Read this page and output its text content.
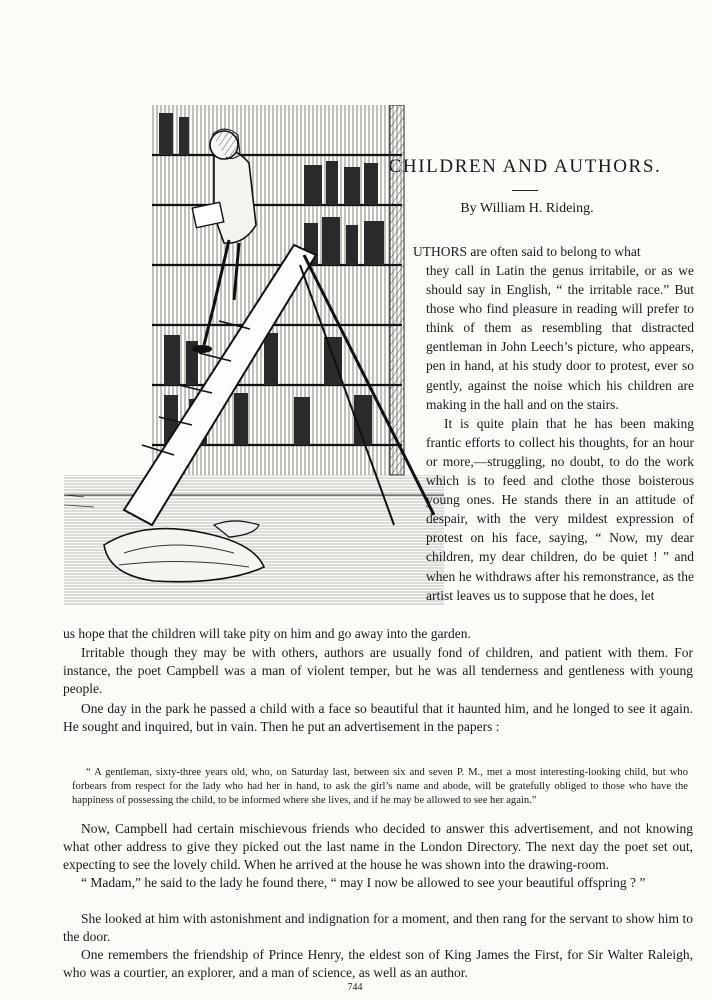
CHILDREN AND AUTHORS.

By William H. Rideing.

UTHORS are often said to belong to what

they call in Latin the genus irritabile, or as we should say in English, “ the irritable race.” But those who find pleasure in reading will prefer to think of them as resembling that distracted gentleman in John Leech’s picture, who appears, pen in hand, at his study door to protest, ever so gently, against the noise which his children are making in the hall and on the stairs.
It is quite plain that he has been making frantic efforts to collect his thoughts, for an hour or more,—struggling, no doubt, to do the work which is to feed and clothe those boisterous young ones. He stands there in an attitude of despair, with the very mildest expression of protest on his face, saying, “ Now, my dear children, my dear children, do be quiet ! ” and when he withdraws after his remonstrance, as the artist leaves us to suppose that he does, let

us hope that the children will take pity on him and go away into the garden.

Irritable though they may be with others, authors are usually fond of children, and patient with them. For instance, the poet Campbell was a man of violent temper, but he was all tenderness and gentleness with young people.

One day in the park he passed a child with a face so beautiful that it haunted him, and he longed to see it again. He sought and inquired, but in vain. Then he put an advertisement in the papers :

“ A gentleman, sixty-three years old, who, on Saturday last, between six and seven P. M., met a most interesting-looking child, but who forbears from respect for the lady who had her in hand, to ask the girl’s name and abode, will be gratefully obliged to those who have the happiness of possessing the child, to be informed where she lives, and if he may be allowed to see her again.”

Now, Campbell had certain mischievous friends who decided to answer this advertisement, and not knowing what other address to give they picked out the last name in the London Directory. The next day the poet set out, expecting to see the lovely child. When he arrived at the house he was shown into the drawing-room.

“ Madam,” he said to the lady he found there, “ may I now be allowed to see your beautiful offspring ? ”

She looked at him with astonishment and indignation for a moment, and then rang for the servant to show him to the door.

One remembers the friendship of Prince Henry, the eldest son of King James the First, for Sir Walter Raleigh, who was a courtier, an explorer, and a man of science, as well as an author.

744
